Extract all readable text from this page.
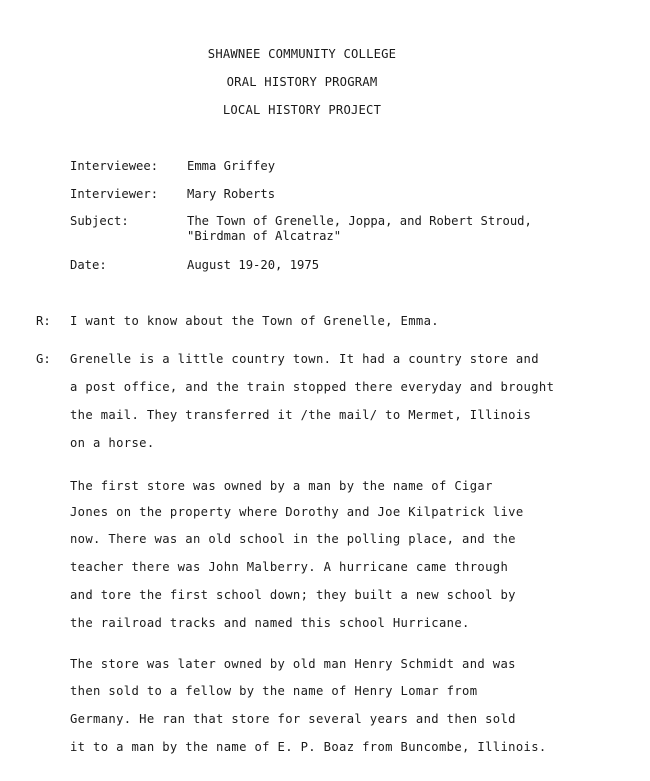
SHAWNEE COMMUNITY COLLEGE
ORAL HISTORY PROGRAM
LOCAL HISTORY PROJECT
Interviewee: Emma Griffey
Interviewer: Mary Roberts
Subject:	The Town of Grenelle, Joppa, and Robert Stroud,
"Birdman of Alcatraz"
Date:	August 19-20, 1975
R: I want to know about the Town of Grenelle, Emma.
G: Grenelle is a little country town. It had a country store and
a post office, and the train stopped there everyday and brought
the mail. They transferred it /the mail/ to Mermet, Illinois
on a horse.
The first store was owned by a man by the name of Cigar
Jones on the property where Dorothy and Joe Kilpatrick live
now. There was an old school in the polling place, and the
teacher there was John Malberry. A hurricane came through
and tore the first school down; they built a new school by
the railroad tracks and named this school Hurricane.
The store was later owned by old man Henry Schmidt and was
then sold to a fellow by the name of Henry Lomar from
Germany. He ran that store for several years and then sold
it to a man by the name of E. P. Boaz from Buncombe, Illinois.
